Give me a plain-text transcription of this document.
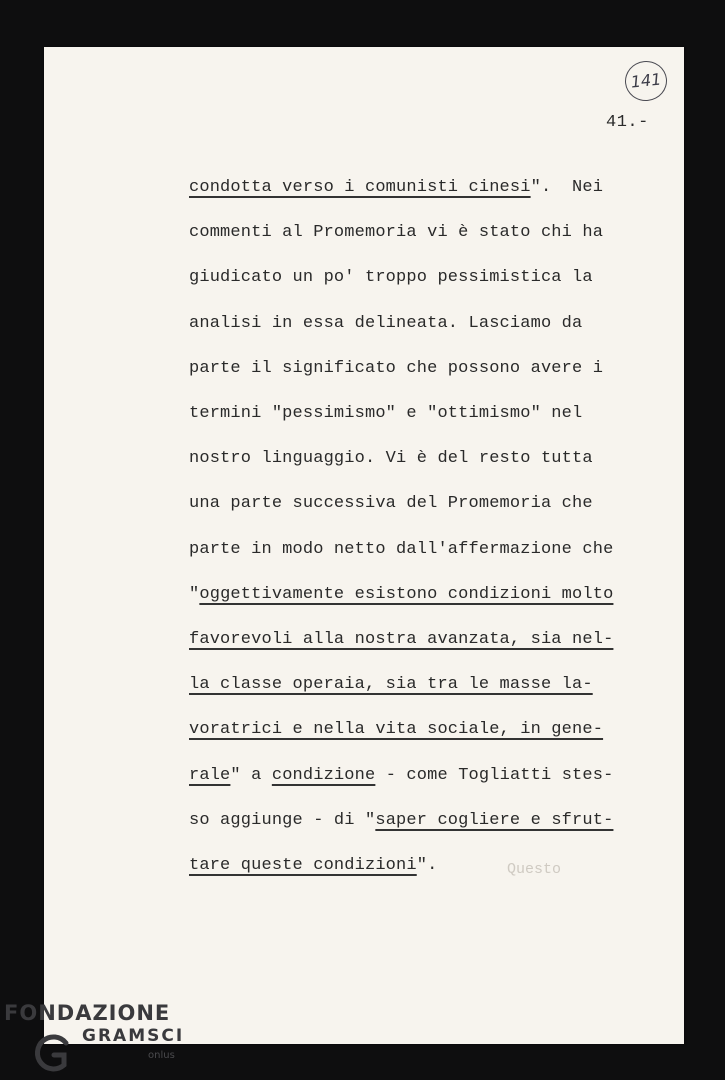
141
41.-
condotta verso i comunisti cinesi".  Nei
commenti al Promemoria vi è stato chi ha
giudicato un po' troppo pessimistica la
analisi in essa delineata. Lasciamo da
parte il significato che possono avere i
termini "pessimismo" e "ottimismo" nel
nostro linguaggio. Vi è del resto tutta
una parte successiva del Promemoria che
parte in modo netto dall'affermazione che
"oggettivamente esistono condizioni molto
favorevoli alla nostra avanzata, sia nel-
la classe operaia, sia tra le masse la-
voratrici e nella vita sociale, in gene-
rale" a condizione - come Togliatti stes-
so aggiunge - di "saper cogliere e sfrut-
tare queste condizioni".	Questo
FONDAZIONE
GRAMSCI
onlus
